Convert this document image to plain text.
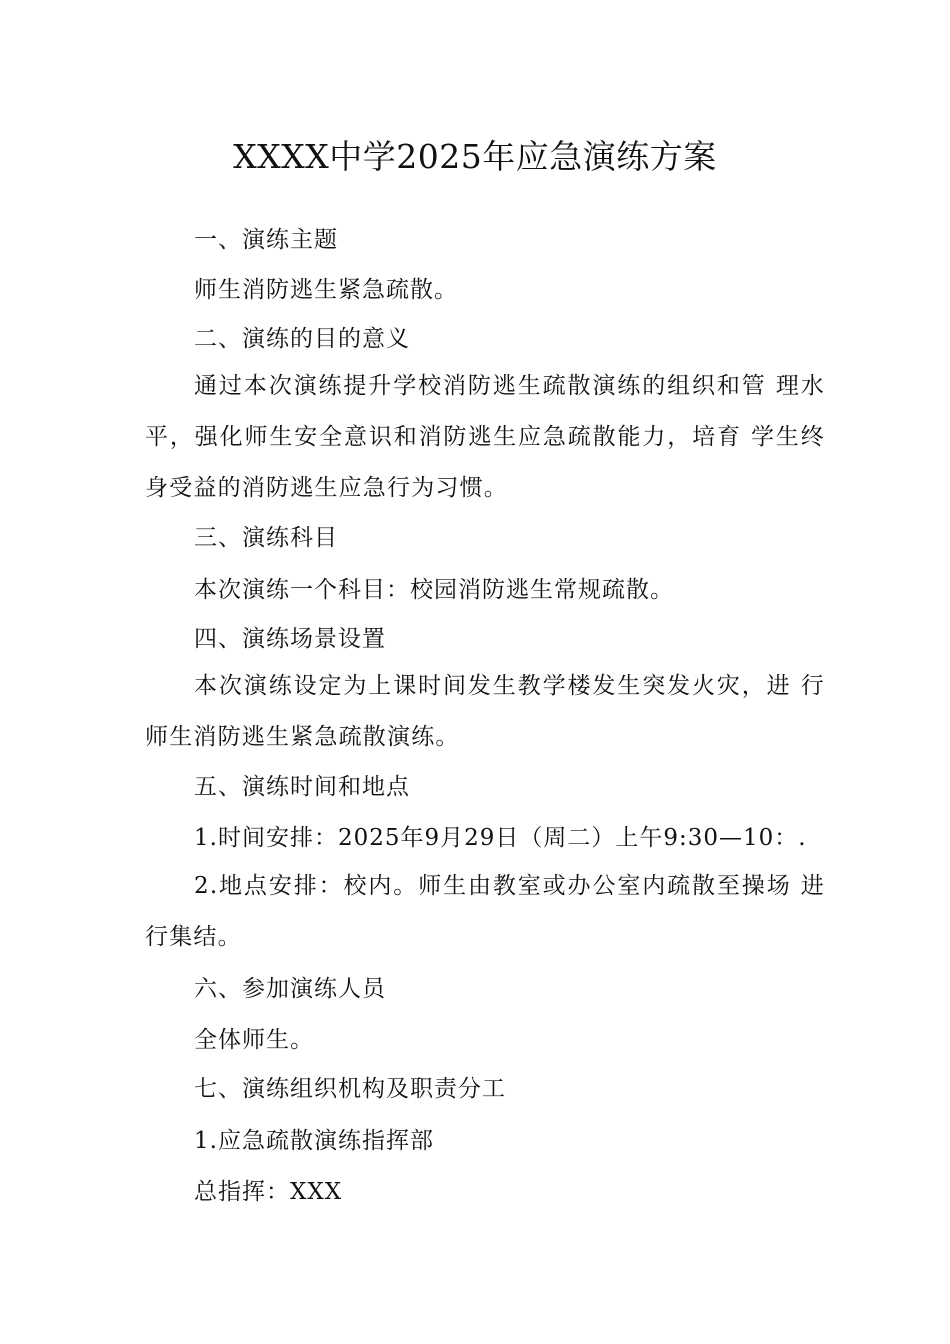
XXXX中学2025年应急演练方案
一、演练主题
师生消防逃生紧急疏散。
二、演练的目的意义
通过本次演练提升学校消防逃生疏散演练的组织和管 理水平，强化师生安全意识和消防逃生应急疏散能力，培育 学生终身受益的消防逃生应急行为习惯。
三、演练科目
本次演练一个科目：校园消防逃生常规疏散。
四、演练场景设置
本次演练设定为上课时间发生教学楼发生突发火灾，进 行师生消防逃生紧急疏散演练。
五、演练时间和地点
1.时间安排：2025年9月29日（周二）上午9:30—10：.
2.地点安排：校内。师生由教室或办公室内疏散至操场 进行集结。
六、参加演练人员
全体师生。
七、演练组织机构及职责分工
1.应急疏散演练指挥部
总指挥：XXX
